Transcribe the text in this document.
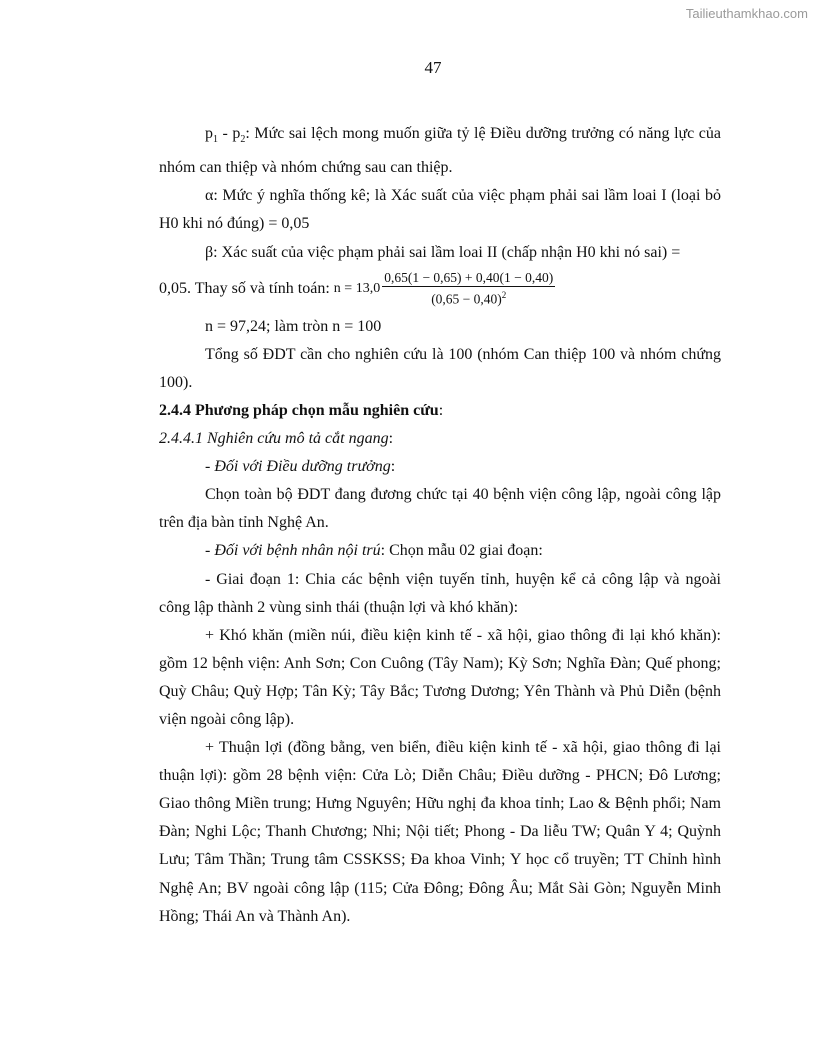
Tailieuthamkhao.com
47

$p_1 - p_2$: Mức sai lệch mong muốn giữa tỷ lệ Điều dưỡng trưởng có năng lực của nhóm can thiệp và nhóm chứng sau can thiệp.

α: Mức ý nghĩa thống kê; là Xác suất của việc phạm phải sai lầm loai I (loại bỏ H0 khi nó đúng) = 0,05

β: Xác suất của việc phạm phải sai lầm loai II (chấp nhận H0 khi nó sai) =

0,05. Thay số và tính toán:
$n = 13,0 \frac{0,65(1 - 0,65) + 0,40(1 - 0,40)}{(0,65 - 0,40)^2}$

n = 97,24; làm tròn n = 100

Tổng số ĐDT cần cho nghiên cứu là 100 (nhóm Can thiệp 100 và nhóm chứng 100).

2.4.4 Phương pháp chọn mẫu nghiên cứu:

2.4.4.1 Nghiên cứu mô tả cắt ngang:

- Đối với Điều dưỡng trưởng:

Chọn toàn bộ ĐDT đang đương chức tại 40 bệnh viện công lập, ngoài công lập trên địa bàn tỉnh Nghệ An.

- Đối với bệnh nhân nội trú: Chọn mẫu 02 giai đoạn:

- Giai đoạn 1: Chia các bệnh viện tuyến tỉnh, huyện kể cả công lập và ngoài công lập thành 2 vùng sinh thái (thuận lợi và khó khăn):

+ Khó khăn (miền núi, điều kiện kinh tế - xã hội, giao thông đi lại khó khăn): gồm 12 bệnh viện: Anh Sơn; Con Cuông (Tây Nam); Kỳ Sơn; Nghĩa Đàn; Quế phong; Quỳ Châu; Quỳ Hợp; Tân Kỳ; Tây Bắc; Tương Dương; Yên Thành và Phủ Diễn (bệnh viện ngoài công lập).

+ Thuận lợi (đồng bằng, ven biển, điều kiện kinh tế - xã hội, giao thông đi lại thuận lợi): gồm 28 bệnh viện: Cửa Lò; Diễn Châu; Điều dưỡng - PHCN; Đô Lương; Giao thông Miền trung; Hưng Nguyên; Hữu nghị đa khoa tỉnh; Lao & Bệnh phổi; Nam Đàn; Nghi Lộc; Thanh Chương; Nhi; Nội tiết; Phong - Da liễu TW; Quân Y 4; Quỳnh Lưu; Tâm Thần; Trung tâm CSSKSS; Đa khoa Vinh; Y học cổ truyền; TT Chỉnh hình Nghệ An; BV ngoài công lập (115; Cửa Đông; Đông Âu; Mắt Sài Gòn; Nguyễn Minh Hồng; Thái An và Thành An).
